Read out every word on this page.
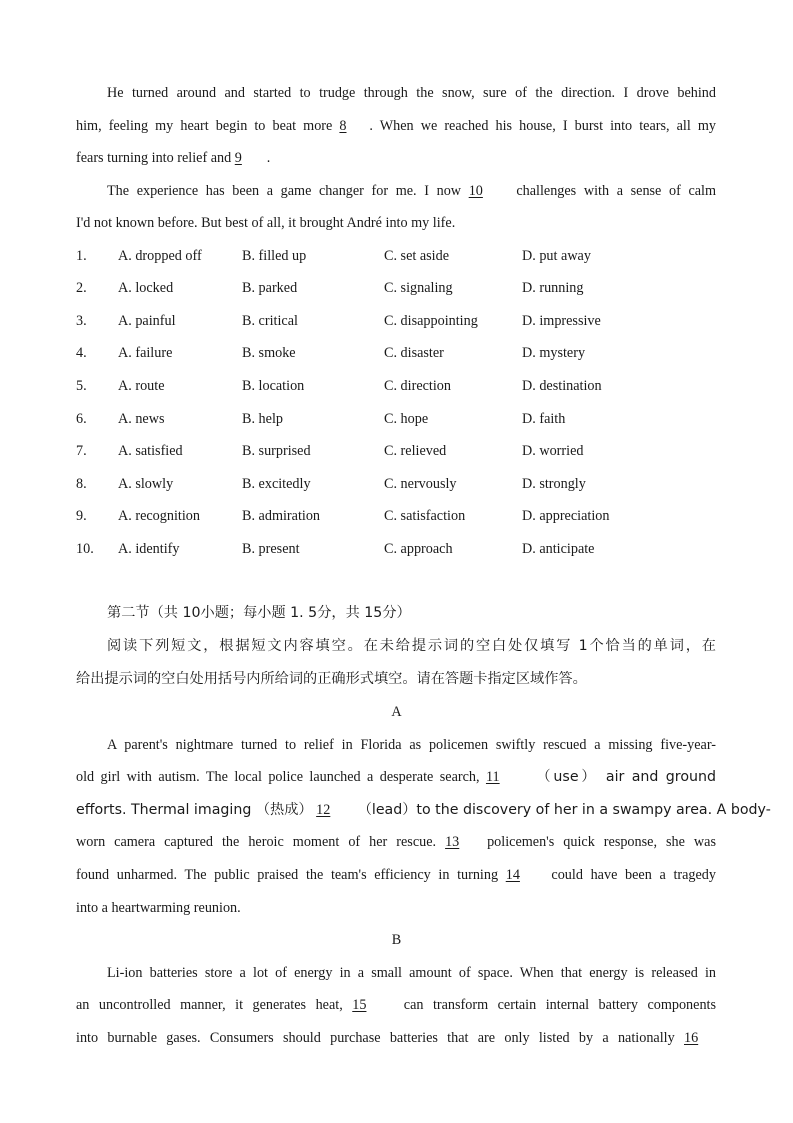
He turned around and started to trudge through the snow, sure of the direction. I drove behind
him, feeling my heart begin to beat more 8 . When we reached his house, I burst into tears, all my
fears turning into relief and 9 .
The experience has been a game changer for me. I now 10 challenges with a sense of calm
I'd not known before. But best of all, it brought André into my life.
1. A. dropped off	B. filled up	C. set aside	D. put away
2. A. locked	B. parked	C. signaling	D. running
3. A. painful	B. critical	C. disappointing	D. impressive
4. A. failure	B. smoke	C. disaster	D. mystery
5. A. route	B. location	C. direction	D. destination
6. A. news	B. help	C. hope	D. faith
7. A. satisfied	B. surprised	C. relieved	D. worried
8. A. slowly	B. excitedly	C. nervously	D. strongly
9. A. recognition	B. admiration	C. satisfaction	D. appreciation
10. A. identify	B. present	C. approach	D. anticipate
第二节（共 10小题；每小题 1. 5分，共 15分）
阅读下列短文，根据短文内容填空。在未给提示词的空白处仅填写 1个恰当的单词，在
给出提示词的空白处用括号内所给词的正确形式填空。请在答题卡指定区域作答。
A
A parent's nightmare turned to relief in Florida as policemen swiftly rescued a missing five-year-
old girl with autism. The local police launched a desperate search, 11	（use） air and ground
efforts. Thermal imaging （热成） 12 （lead）to the discovery of her in a swampy area. A body-
worn camera captured the heroic moment of her rescue. 13 policemen's quick response, she was
found unharmed. The public praised the team's efficiency in turning 14 could have been a tragedy
into a heartwarming reunion.
B
Li-ion batteries store a lot of energy in a small amount of space. When that energy is released in
an uncontrolled manner, it generates heat, 15	can transform certain internal battery components
into burnable gases. Consumers should purchase batteries that are only listed by a nationally 16
